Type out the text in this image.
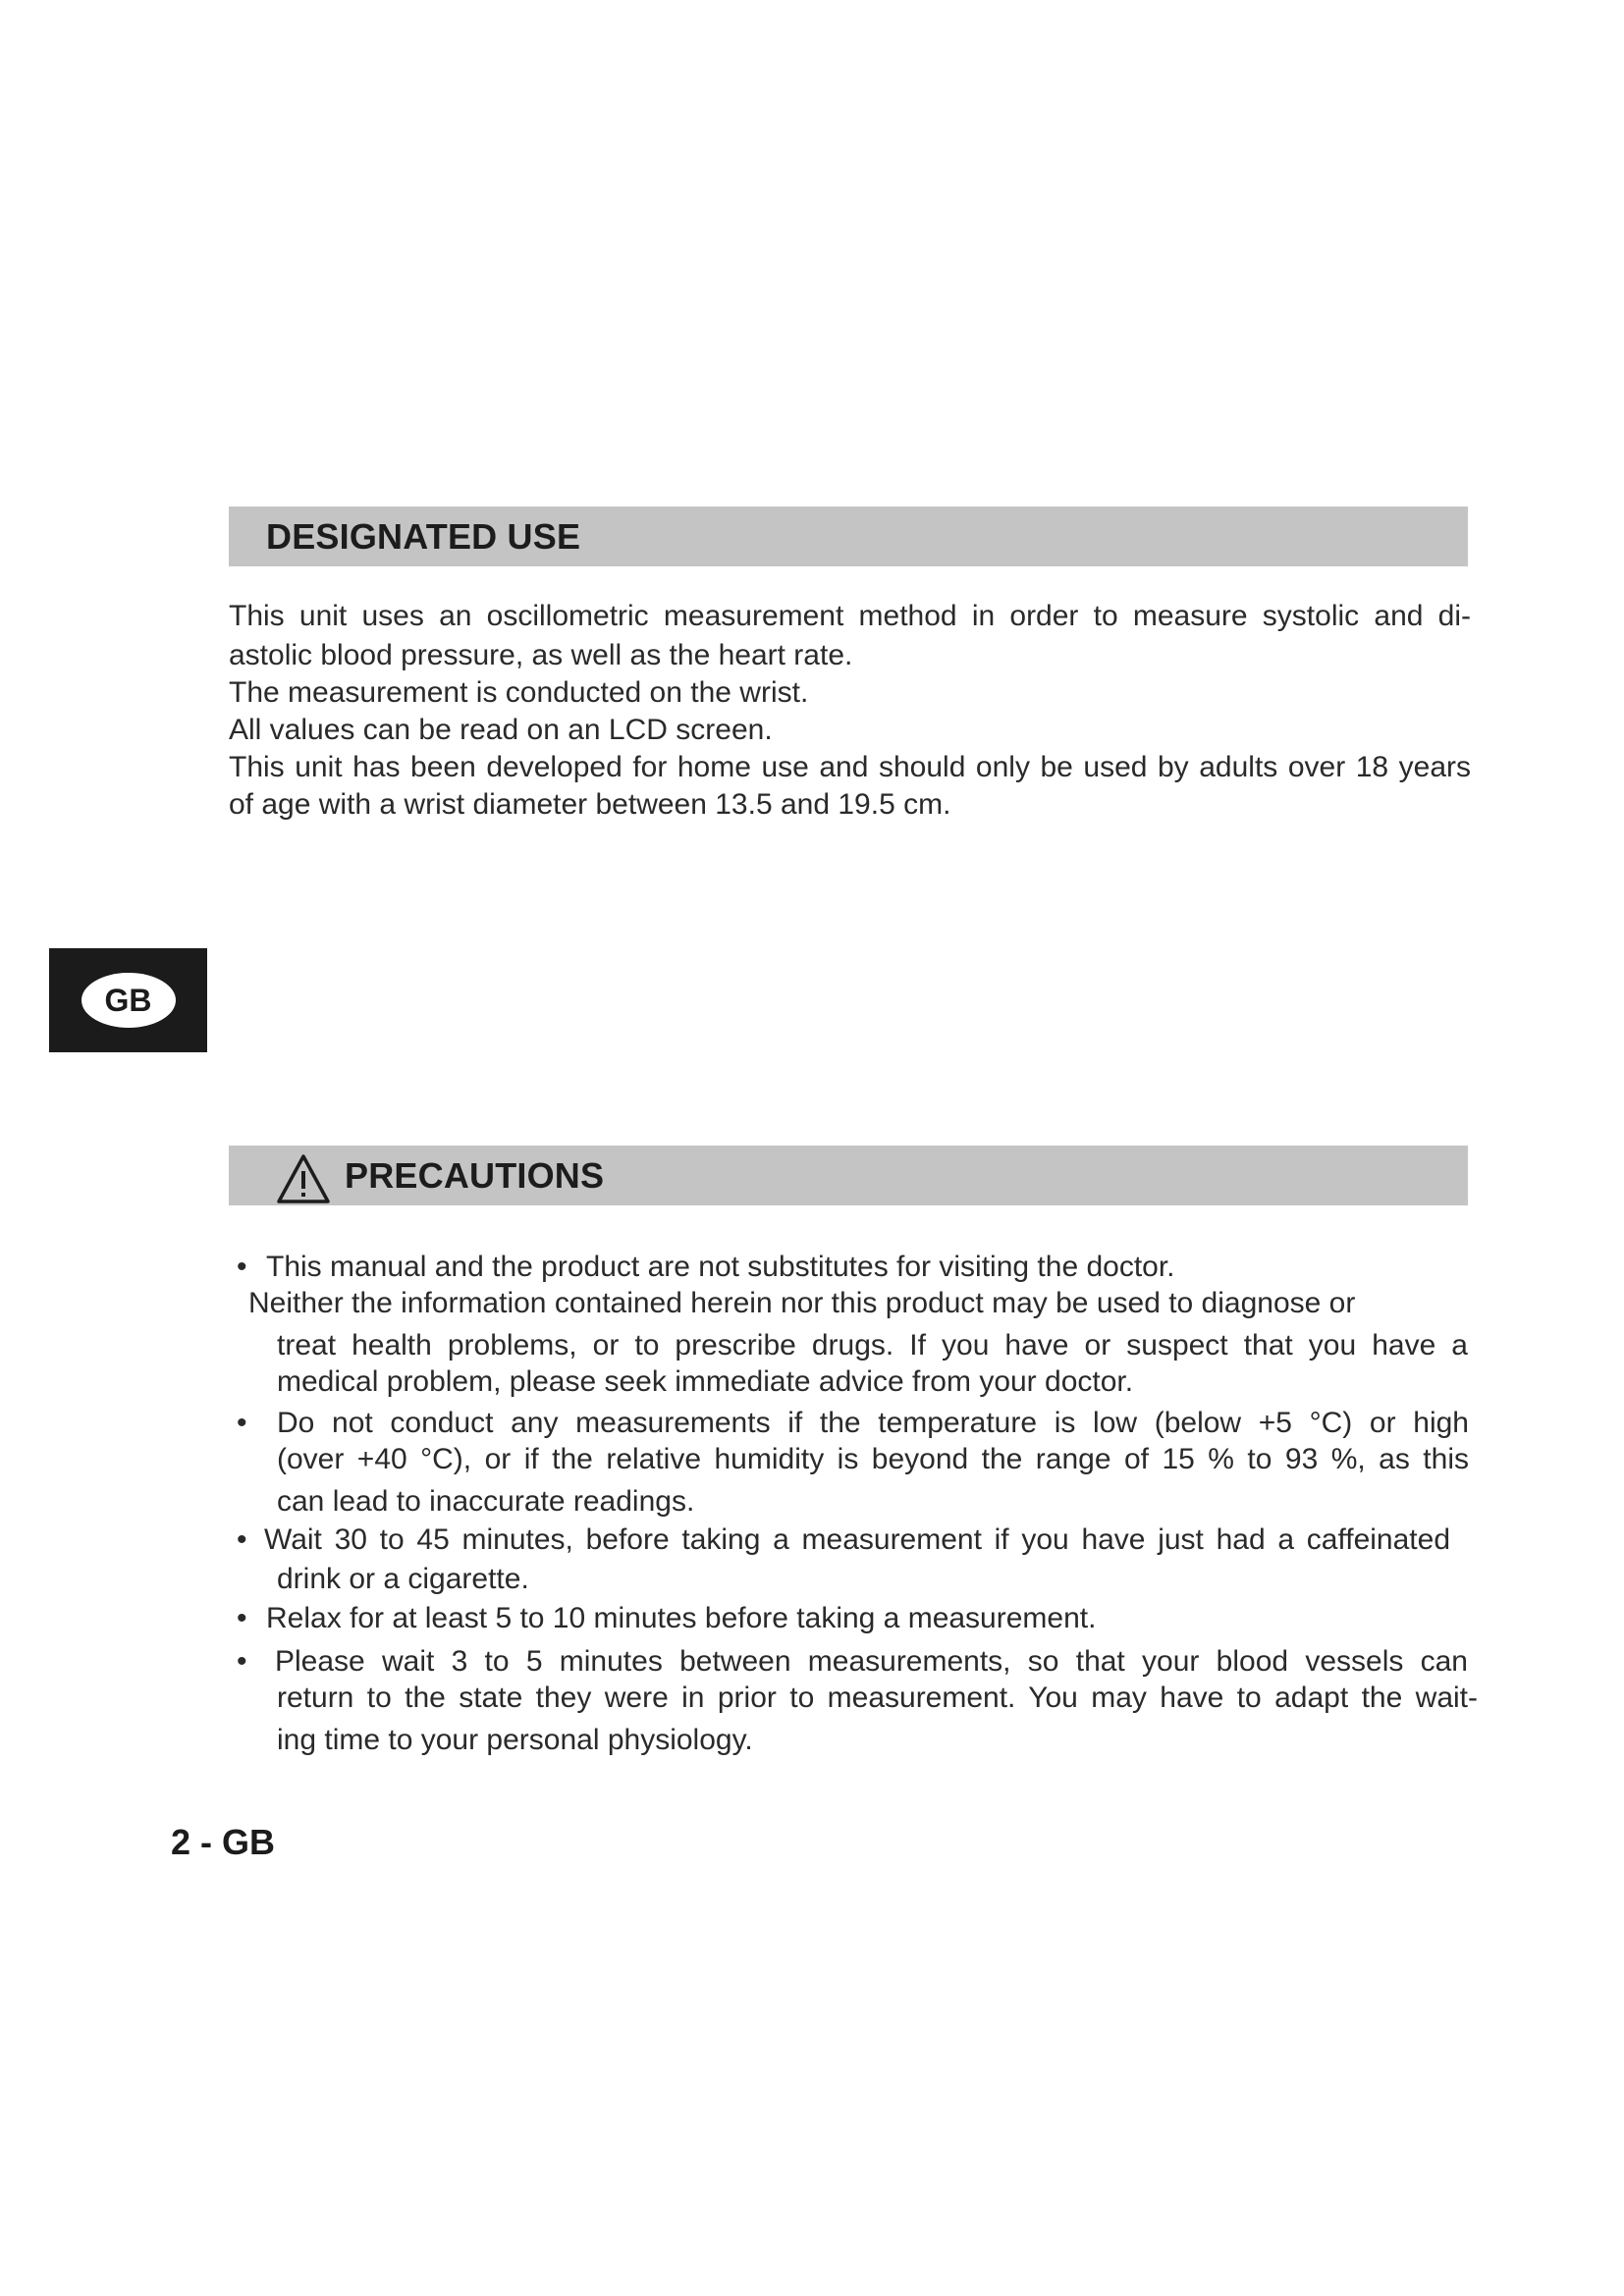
DESIGNATED USE

This unit uses an oscillometric measurement method in order to measure systolic and di-

astolic blood pressure, as well as the heart rate.

The measurement is conducted on the wrist.

All values can be read on an LCD screen.

This unit has been developed for home use and should only be used by adults over 18 years

of age with a wrist diameter between 13.5 and 19.5 cm.

GB
PRECAUTIONS
• This manual and the product are not substitutes for visiting the doctor.
Neither the information contained herein nor this product may be used to diagnose or
treat health problems, or to prescribe drugs. If you have or suspect that you have a
medical problem, please seek immediate advice from your doctor.
• Do not conduct any measurements if the temperature is low (below +5 °C) or high
(over +40 °C), or if the relative humidity is beyond the range of 15 % to 93 %, as this
can lead to inaccurate readings.
• Wait 30 to 45 minutes, before taking a measurement if you have just had a caffeinated
drink or a cigarette.
• Relax for at least 5 to 10 minutes before taking a measurement.
• Please wait 3 to 5 minutes between measurements, so that your blood vessels can
return to the state they were in prior to measurement. You may have to adapt the wait-
ing time to your personal physiology.
2 - GB
